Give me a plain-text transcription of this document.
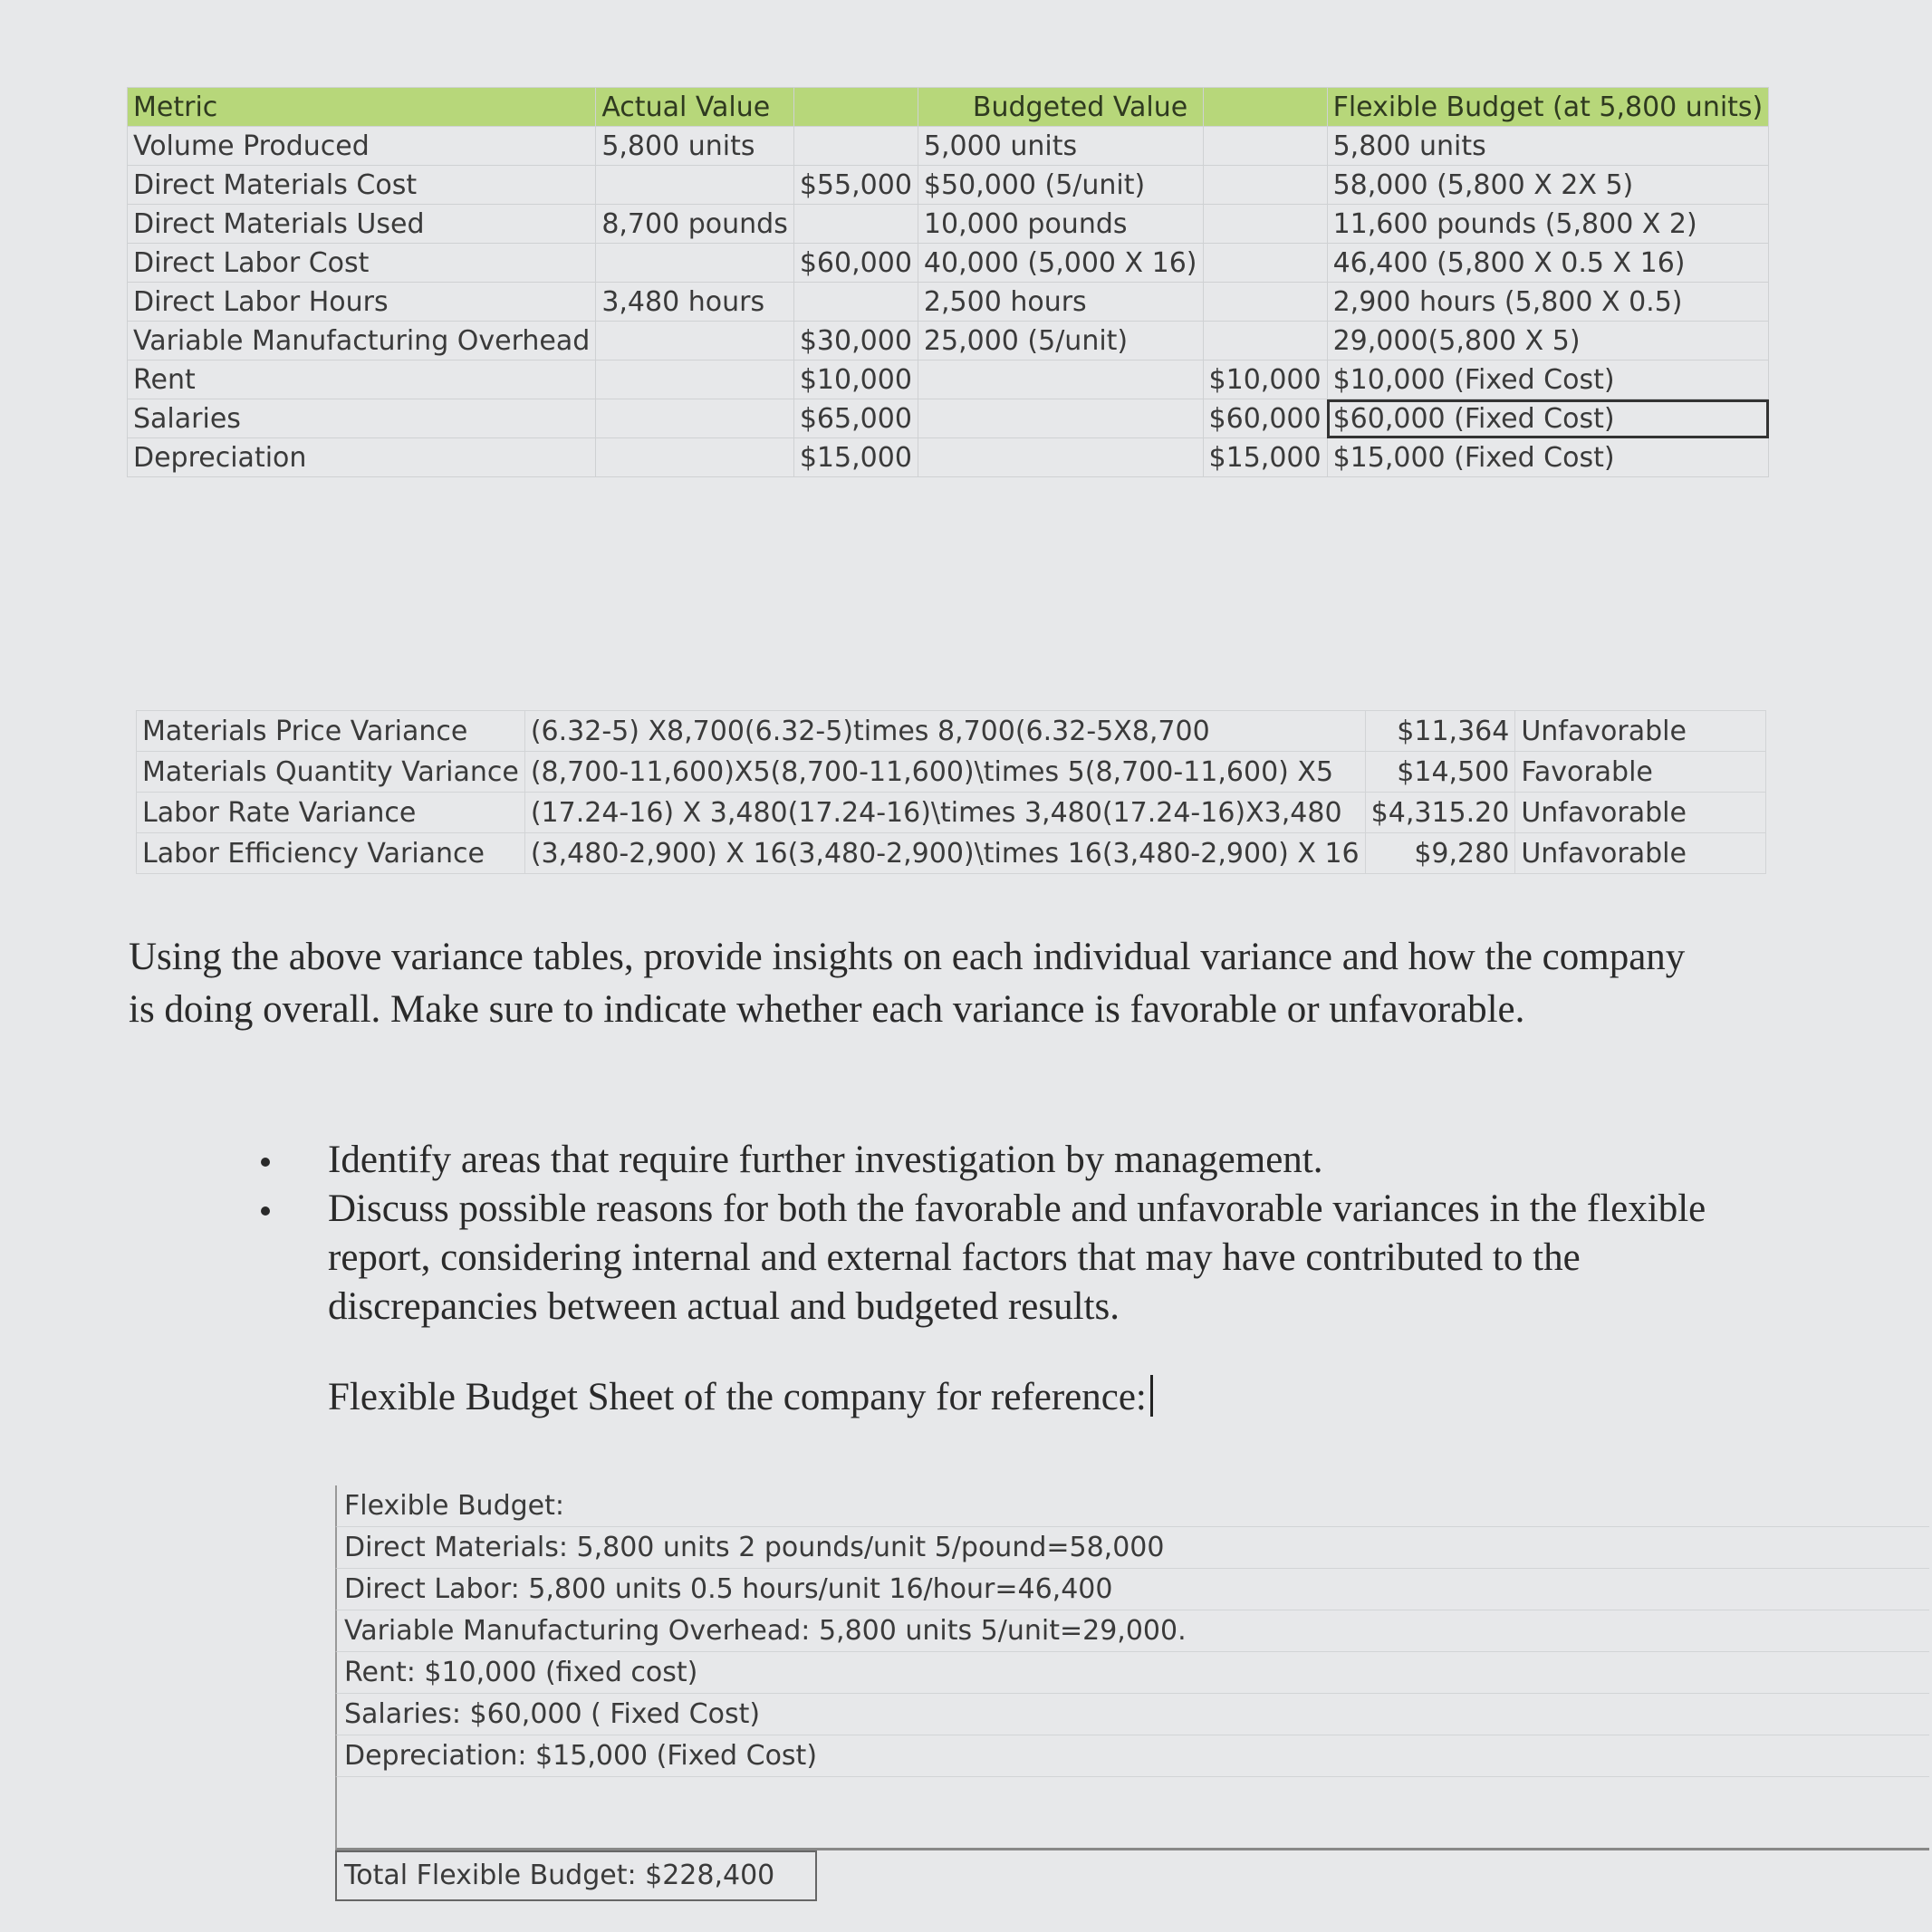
Metric	Actual Value		Budgeted Value		Flexible Budget (at 5,800 units)
Volume Produced	5,800 units		5,000 units		5,800 units
Direct Materials Cost		$55,000	$50,000 (5/unit)		58,000 (5,800 X 2X 5)
Direct Materials Used	8,700 pounds		10,000 pounds		11,600 pounds (5,800 X 2)
Direct Labor Cost		$60,000	40,000 (5,000 X 16)		46,400 (5,800 X 0.5 X 16)
Direct Labor Hours	3,480 hours		2,500 hours		2,900 hours (5,800 X 0.5)
Variable Manufacturing Overhead		$30,000	25,000 (5/unit)		29,000(5,800 X 5)
Rent		$10,000		$10,000	$10,000 (Fixed Cost)
Salaries		$65,000		$60,000	$60,000 (Fixed Cost)
Depreciation		$15,000		$15,000	$15,000 (Fixed Cost)
Materials Price Variance	(6.32-5) X8,700(6.32-5)times 8,700(6.32-5X8,700	$11,364	Unfavorable
Materials Quantity Variance	(8,700-11,600)X5(8,700-11,600)\times 5(8,700-11,600) X5	$14,500	Favorable
Labor Rate Variance	(17.24-16) X 3,480(17.24-16)\times 3,480(17.24-16)X3,480	$4,315.20	Unfavorable
Labor Efficiency Variance	(3,480-2,900) X 16(3,480-2,900)\times 16(3,480-2,900) X 16	$9,280	Unfavorable

Using the above variance tables, provide insights on each individual variance and how the company is doing overall. Make sure to indicate whether each variance is favorable or unfavorable.

Identify areas that require further investigation by management.
Discuss possible reasons for both the favorable and unfavorable variances in the flexible report, considering internal and external factors that may have contributed to the discrepancies between actual and budgeted results.

Flexible Budget Sheet of the company for reference:

Flexible Budget:
Direct Materials: 5,800 units 2 pounds/unit 5/pound=58,000
Direct Labor: 5,800 units 0.5 hours/unit 16/hour=46,400
Variable Manufacturing Overhead: 5,800 units 5/unit=29,000.
Rent: $10,000 (fixed cost)
Salaries: $60,000 ( Fixed Cost)
Depreciation: $15,000 (Fixed Cost)
Total Flexible Budget: $228,400
